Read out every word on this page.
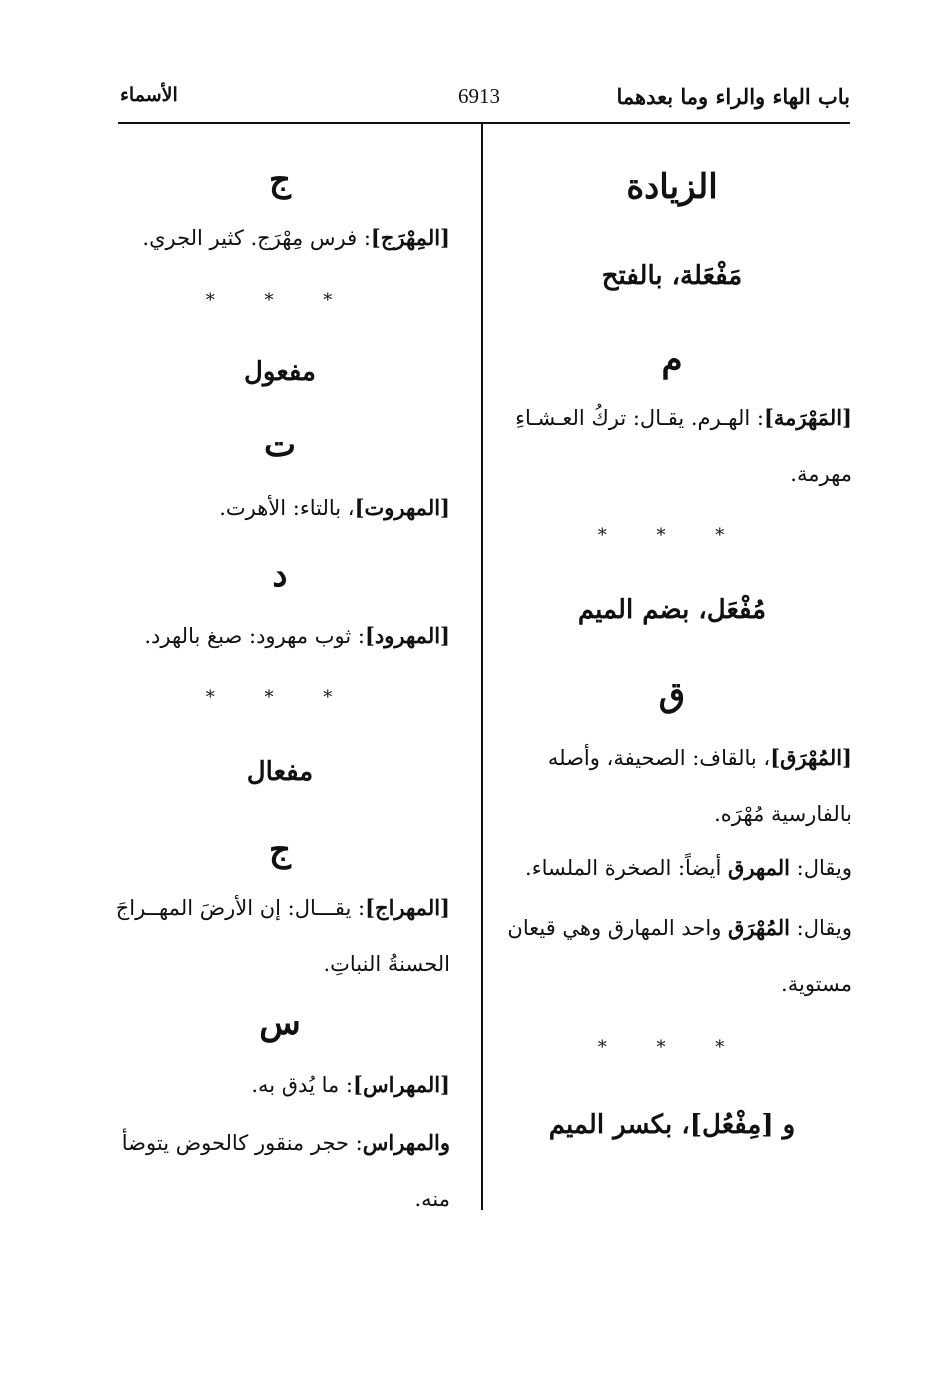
باب الهاء والراء وما بعدهما
6913
الأسماء
الزيادة
مَفْعَلة، بالفتح
م
[المَهْرَمة]: الهـرم. يقـال: تركُ العـشـاءِ مهرمة.
* * *
مُفْعَل، بضم الميم
ق
[المُهْرَق]، بالقاف: الصحيفة، وأصله بالفارسية مُهْرَه.
ويقال: المهرق أيضاً: الصخرة الملساء.
ويقال: المُهْرَق واحد المهارق وهي قيعان مستوية.
* * *
و [مِفْعُل]، بكسر الميم
ج
[المِهْرَج]: فرس مِهْرَج. كثير الجري.
* * *
مفعول
ت
[المهروت]، بالتاء: الأهرت.
د
[المهرود]: ثوب مهرود: صبغ بالهرد.
* * *
مفعال
ج
[المهراج]: يقـــال: إن الأرضَ المهــراجَ الحسنةُ النباتِ.
س
[المهراس]: ما يُدق به.
والمهراس: حجر منقور كالحوض يتوضأ منه.
